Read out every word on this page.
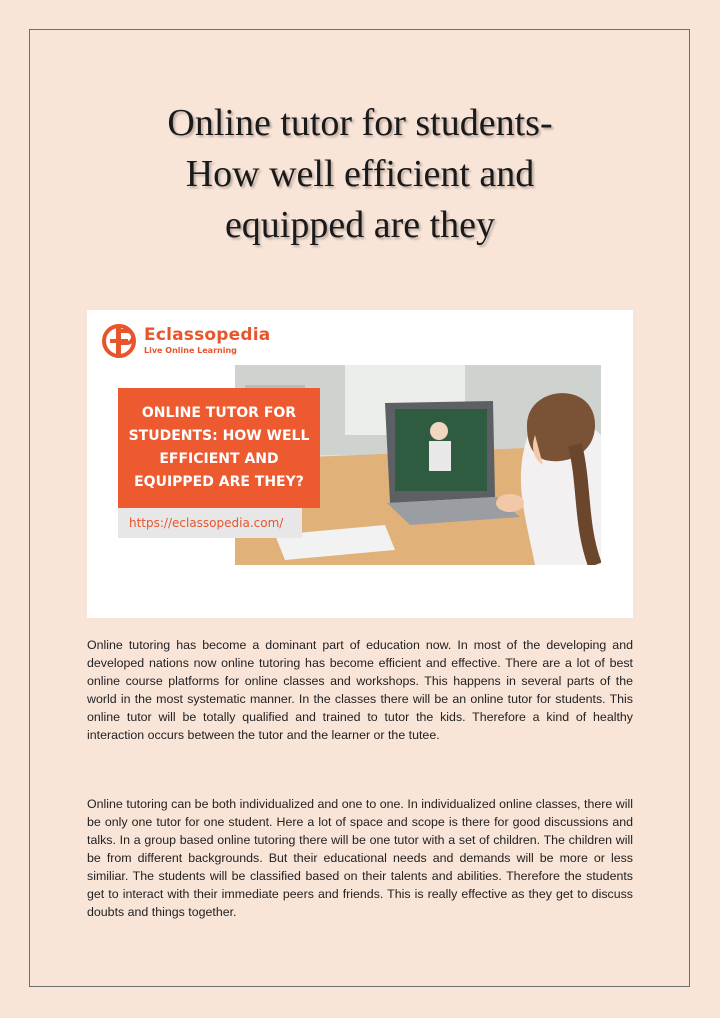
Online tutor for students-
How well efficient and
equipped are they
Eclassopedia
Live Online Learning

ONLINE TUTOR FOR STUDENTS: HOW WELL EFFICIENT AND EQUIPPED ARE THEY?

https://eclassopedia.com/

Online tutoring has become a dominant part of education now. In most of the developing and developed nations now online tutoring has become efficient and effective. There are a lot of best online course platforms for online classes and workshops. This happens in several parts of the world in the most systematic manner. In the classes there will be an online tutor for students. This online tutor will be totally qualified and trained to tutor the kids. Therefore a kind of healthy interaction occurs between the tutor and the learner or the tutee.

Online tutoring can be both individualized and one to one. In individualized online classes, there will be only one tutor for one student. Here a lot of space and scope is there for good discussions and talks. In a group based online tutoring there will be one tutor with a set of children. The children will be from different backgrounds. But their educational needs and demands will be more or less similiar. The students will be classified based on their talents and abilities. Therefore the students get to interact with their immediate peers and friends. This is really effective as they get to discuss doubts and things together.
